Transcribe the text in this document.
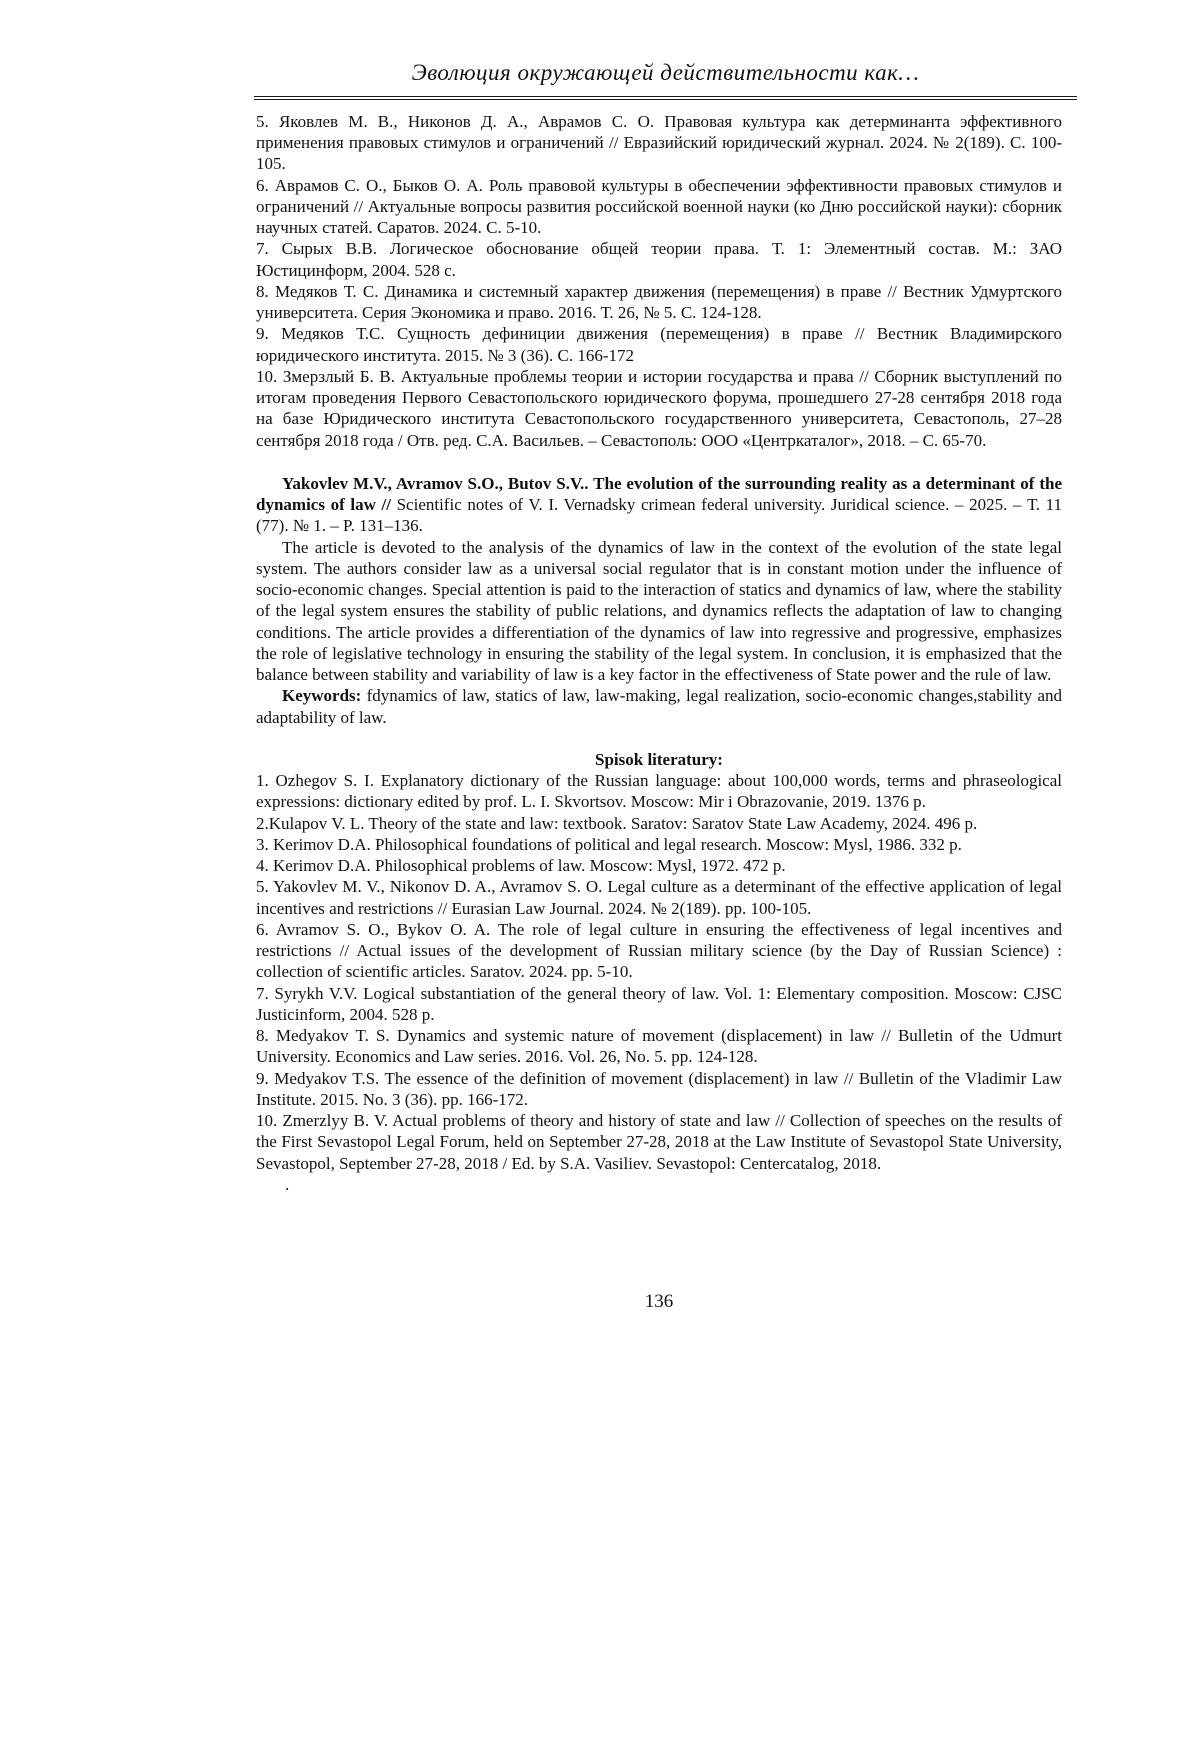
Эволюция окружающей действительности как…

5. Яковлев М. В., Никонов Д. А., Аврамов С. О. Правовая культура как детерминанта эффективного применения правовых стимулов и ограничений // Евразийский юридический журнал. 2024. № 2(189). С. 100-105.

6. Аврамов С. О., Быков О. А. Роль правовой культуры в обеспечении эффективности правовых стимулов и ограничений // Актуальные вопросы развития российской военной науки (ко Дню российской науки): сборник научных статей. Саратов. 2024. С. 5-10.

7. Сырых В.В. Логическое обоснование общей теории права. Т. 1: Элементный состав. М.: ЗАО Юстицинформ, 2004. 528 с.

8. Медяков Т. С. Динамика и системный характер движения (перемещения) в праве // Вестник Удмуртского университета. Серия Экономика и право. 2016. Т. 26, № 5. С. 124-128.

9. Медяков Т.С. Сущность дефиниции движения (перемещения) в праве // Вестник Владимирского юридического института. 2015. № 3 (36). С. 166-172

10. Змерзлый Б. В. Актуальные проблемы теории и истории государства и права // Сборник выступлений по итогам проведения Первого Севастопольского юридического форума, прошедшего 27-28 сентября 2018 года на базе Юридического института Севастопольского государственного университета, Севастополь, 27–28 сентября 2018 года / Отв. ред. С.А. Васильев. – Севастополь: ООО «Центркаталог», 2018. – С. 65-70.

Yakovlev M.V., Avramov S.O., Butov S.V.. The evolution of the surrounding reality as a determinant of the dynamics of law // Scientific notes of V. I. Vernadsky crimean federal university. Juridical science. – 2025. – Т. 11 (77). № 1. – P. 131–136.

The article is devoted to the analysis of the dynamics of law in the context of the evolution of the state legal system. The authors consider law as a universal social regulator that is in constant motion under the influence of socio-economic changes. Special attention is paid to the interaction of statics and dynamics of law, where the stability of the legal system ensures the stability of public relations, and dynamics reflects the adaptation of law to changing conditions. The article provides a differentiation of the dynamics of law into regressive and progressive, emphasizes the role of legislative technology in ensuring the stability of the legal system. In conclusion, it is emphasized that the balance between stability and variability of law is a key factor in the effectiveness of State power and the rule of law.

Keywords: fdynamics of law, statics of law, law-making, legal realization, socio-economic changes,stability and adaptability of law.

Spisok literatury:

1. Ozhegov S. I. Explanatory dictionary of the Russian language: about 100,000 words, terms and phraseological expressions: dictionary edited by prof. L. I. Skvortsov. Moscow: Mir i Obrazovanie, 2019. 1376 p.

2.Kulapov V. L. Theory of the state and law: textbook. Saratov: Saratov State Law Academy, 2024. 496 p.

3. Kerimov D.A. Philosophical foundations of political and legal research. Moscow: Mysl, 1986. 332 p.

4. Kerimov D.A. Philosophical problems of law. Moscow: Mysl, 1972. 472 p.

5. Yakovlev M. V., Nikonov D. A., Avramov S. O. Legal culture as a determinant of the effective application of legal incentives and restrictions // Eurasian Law Journal. 2024. № 2(189). pp. 100-105.

6. Avramov S. O., Bykov O. A. The role of legal culture in ensuring the effectiveness of legal incentives and restrictions // Actual issues of the development of Russian military science (by the Day of Russian Science) : collection of scientific articles. Saratov. 2024. pp. 5-10.

7. Syrykh V.V. Logical substantiation of the general theory of law. Vol. 1: Elementary composition. Moscow: CJSC Justicinform, 2004. 528 p.

8. Medyakov T. S. Dynamics and systemic nature of movement (displacement) in law // Bulletin of the Udmurt University. Economics and Law series. 2016. Vol. 26, No. 5. pp. 124-128.

9. Medyakov T.S. The essence of the definition of movement (displacement) in law // Bulletin of the Vladimir Law Institute. 2015. No. 3 (36). pp. 166-172.

10. Zmerzlyy B. V. Actual problems of theory and history of state and law // Collection of speeches on the results of the First Sevastopol Legal Forum, held on September 27-28, 2018 at the Law Institute of Sevastopol State University, Sevastopol, September 27-28, 2018 / Ed. by S.A. Vasiliev. Sevastopol: Centercatalog, 2018.

.

136
